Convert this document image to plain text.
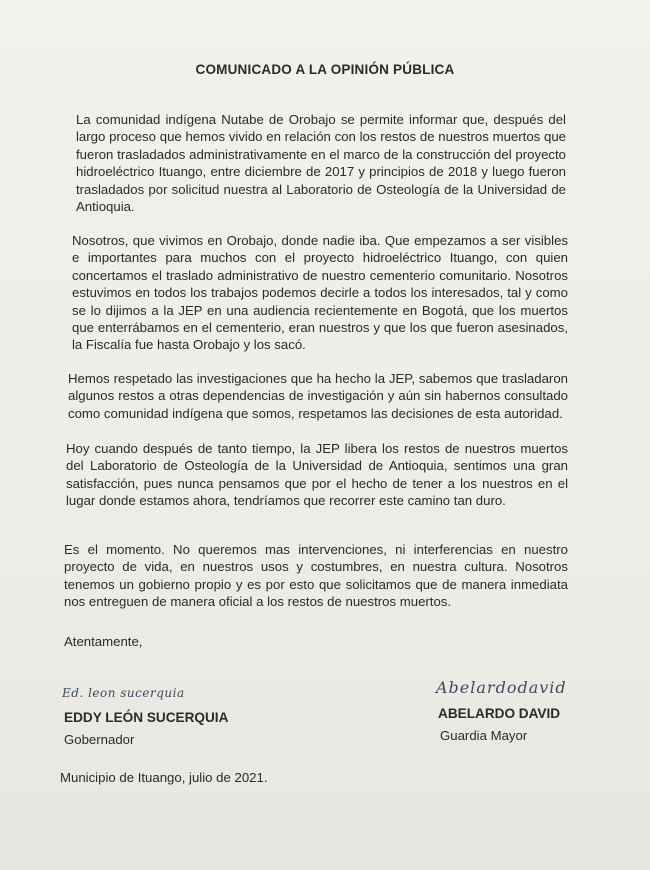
COMUNICADO A LA OPINIÓN PÚBLICA

La comunidad indígena Nutabe de Orobajo se permite informar que, después del largo proceso que hemos vivido en relación con los restos de nuestros muertos que fueron trasladados administrativamente en el marco de la construcción del proyecto hidroeléctrico Ituango, entre diciembre de 2017 y principios de 2018 y luego fueron trasladados por solicitud nuestra al Laboratorio de Osteología de la Universidad de Antioquia.

Nosotros, que vivimos en Orobajo, donde nadie iba. Que empezamos a ser visibles e importantes para muchos con el proyecto hidroeléctrico Ituango, con quien concertamos el traslado administrativo de nuestro cementerio comunitario. Nosotros estuvimos en todos los trabajos podemos decirle a todos los interesados, tal y como se lo dijimos a la JEP en una audiencia recientemente en Bogotá, que los muertos que enterrábamos en el cementerio, eran nuestros y que los que fueron asesinados, la Fiscalía fue hasta Orobajo y los sacó.

Hemos respetado las investigaciones que ha hecho la JEP, sabemos que trasladaron algunos restos a otras dependencias de investigación y aún sin habernos consultado como comunidad indígena que somos, respetamos las decisiones de esta autoridad.

Hoy cuando después de tanto tiempo, la JEP libera los restos de nuestros muertos del Laboratorio de Osteología de la Universidad de Antioquia, sentimos una gran satisfacción, pues nunca pensamos que por el hecho de tener a los nuestros en el lugar donde estamos ahora, tendríamos que recorrer este camino tan duro.

Es el momento. No queremos mas intervenciones, ni interferencias en nuestro proyecto de vida, en nuestros usos y costumbres, en nuestra cultura. Nosotros tenemos un gobierno propio y es por esto que solicitamos que de manera inmediata nos entreguen de manera oficial a los restos de nuestros muertos.

Atentamente,
Ed. leon sucerquia
EDDY LEÓN SUCERQUIA
Gobernador
Abelardodavid
ABELARDO DAVID
Guardia Mayor
Municipio de Ituango, julio de 2021.
